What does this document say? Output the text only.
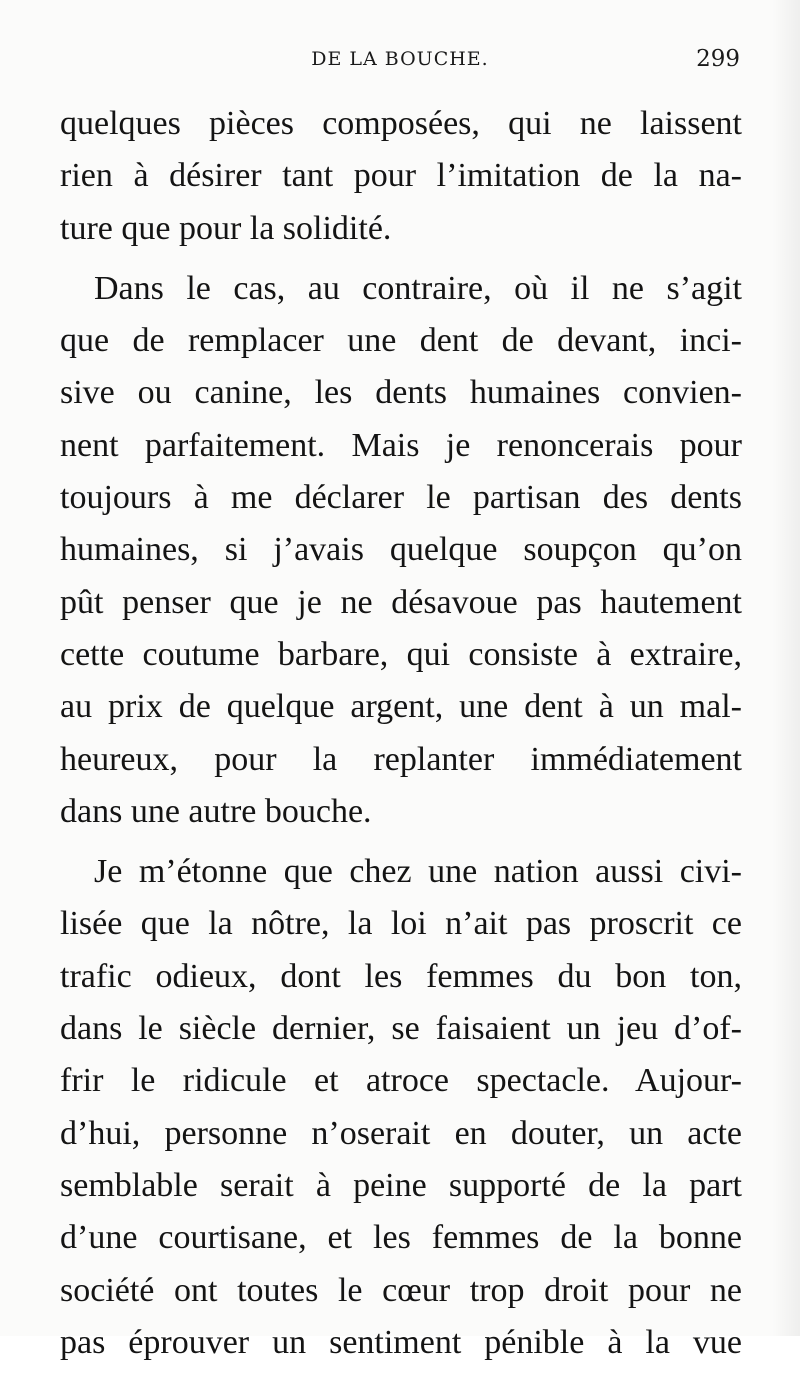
DE LA BOUCHE.	299
quelques pièces composées, qui ne laissent
rien à désirer tant pour l’imitation de la na-
ture que pour la solidité.
Dans le cas, au contraire, où il ne s’agit
que de remplacer une dent de devant, inci-
sive ou canine, les dents humaines convien-
nent parfaitement. Mais je renoncerais pour
toujours à me déclarer le partisan des dents
humaines, si j’avais quelque soupçon qu’on
pût penser que je ne désavoue pas hautement
cette coutume barbare, qui consiste à extraire,
au prix de quelque argent, une dent à un mal-
heureux, pour la replanter immédiatement
dans une autre bouche.
Je m’étonne que chez une nation aussi civi-
lisée que la nôtre, la loi n’ait pas proscrit ce
trafic odieux, dont les femmes du bon ton,
dans le siècle dernier, se faisaient un jeu d’of-
frir le ridicule et atroce spectacle. Aujour-
d’hui, personne n’oserait en douter, un acte
semblable serait à peine supporté de la part
d’une courtisane, et les femmes de la bonne
société ont toutes le cœur trop droit pour ne
pas éprouver un sentiment pénible à la vue
